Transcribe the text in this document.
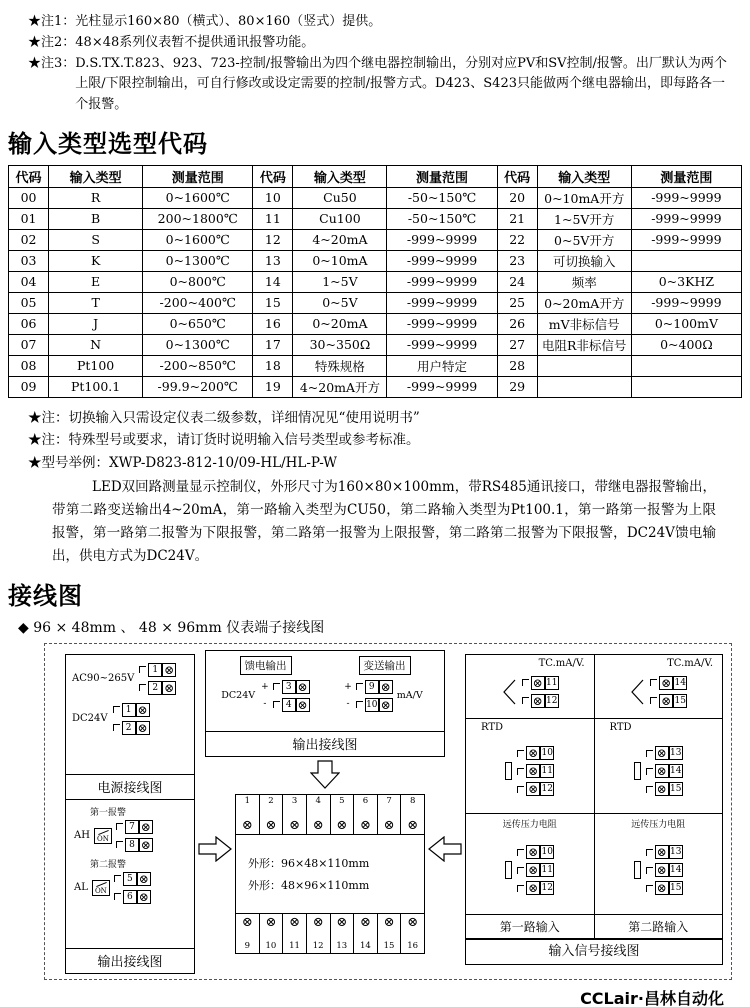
★注1： 光柱显示160×80（横式）、80×160（竖式）提供。
★注2： 48×48系列仪表暂不提供通讯报警功能。
★注3： D.S.TX.T.823、923、723-控制/报警输出为四个继电器控制输出，分别对应PV和SV控制/报警。出厂默认为两个上限/下限控制输出，可自行修改或设定需要的控制/报警方式。D423、S423只能做两个继电器输出，即每路各一个报警。
输入类型选型代码
代码	输入类型	测量范围	代码	输入类型	测量范围	代码	输入类型	测量范围
00	R	0~1600℃	10	Cu50	-50~150℃	20	0~10mA开方	-999~9999
01	B	200~1800℃	11	Cu100	-50~150℃	21	1~5V开方	-999~9999
02	S	0~1600℃	12	4~20mA	-999~9999	22	0~5V开方	-999~9999
03	K	0~1300℃	13	0~10mA	-999~9999	23	可切换输入	
04	E	0~800℃	14	1~5V	-999~9999	24	频率	0~3KHZ
05	T	-200~400℃	15	0~5V	-999~9999	25	0~20mA开方	-999~9999
06	J	0~650℃	16	0~20mA	-999~9999	26	mV非标信号	0~100mV
07	N	0~1300℃	17	30~350Ω	-999~9999	27	电阻R非标信号	0~400Ω
08	Pt100	-200~850℃	18	特殊规格	用户特定	28		
09	Pt100.1	-99.9~200℃	19	4~20mA开方	-999~9999	29		
★注： 切换输入只需设定仪表二级参数，详细情况见“使用说明书”
★注： 特殊型号或要求，请订货时说明输入信号类型或参考标准。
★型号举例： XWP-D823-812-10/09-HL/HL-P-W
LED双回路测量显示控制仪，外形尺寸为160×80×100mm，带RS485通讯接口，带继电器报警输出，带第二路变送输出4~20mA，第一路输入类型为CU50，第二路输入类型为Pt100.1，第一路第一报警为上限报警，第一路第二报警为下限报警，第二路第一报警为上限报警，第二路第二报警为下限报警，DC24V馈电输出，供电方式为DC24V。
接线图
◆ 96 × 48mm 、 48 × 96mm 仪表端子接线图
AC90~265V
1 ⊗
2 ⊗
DC24V
1 ⊗
2 ⊗
电源接线图
第一报警
AH	ON
7 ⊗
8 ⊗
第二报警
AL	ON
5 ⊗
6 ⊗
输出接线图
馈电输出
DC24V
+
-
3 ⊗
4 ⊗
变送输出
+
-
9 ⊗
10 ⊗
mA/V
输出接线图
1
⊗
2
⊗
3
⊗
4
⊗
5
⊗
6
⊗
7
⊗
8
⊗
外形：96×48×110mm
外形：48×96×110mm
⊗
9
⊗
10
⊗
11
⊗
12
⊗
13
⊗
14
⊗
15
⊗
16
TC.mA/V.
⊗ 11
⊗ 12
RTD
⊗ 10
⊗ 11
⊗ 12
远传压力电阻
⊗ 10
⊗ 11
⊗ 12
第一路输入
TC.mA/V.
⊗ 14
⊗ 15
RTD
⊗ 13
⊗ 14
⊗ 15
远传压力电阻
⊗ 13
⊗ 14
⊗ 15
第二路输入
输入信号接线图
CCLair·昌林自动化
